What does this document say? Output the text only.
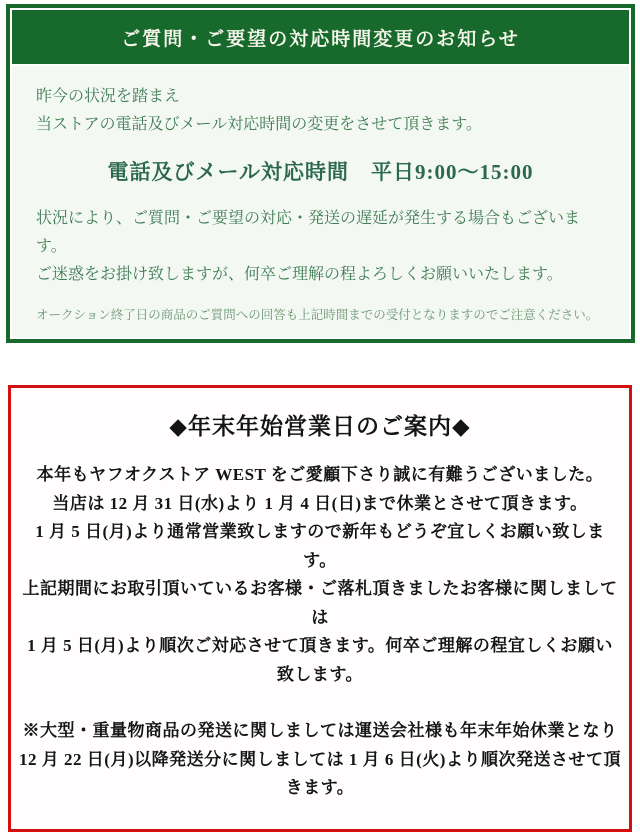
ご質問・ご要望の対応時間変更のお知らせ

昨今の状況を踏まえ

当ストアの電話及びメール対応時間の変更をさせて頂きます。

電話及びメール対応時間　平日9:00～15:00

状況により、ご質問・ご要望の対応・発送の遅延が発生する場合もございます。

ご迷惑をお掛け致しますが、何卒ご理解の程よろしくお願いいたします。

オークション終了日の商品のご質問への回答も上記時間までの受付となりますのでご注意ください。
◆年末年始営業日のご案内◆

本年もヤフオクストア WEST をご愛顧下さり誠に有難うございました。

当店は 12 月 31 日(水)より 1 月 4 日(日)まで休業とさせて頂きます。

1 月 5 日(月)より通常営業致しますので新年もどうぞ宜しくお願い致します。

上記期間にお取引頂いているお客様・ご落札頂きましたお客様に関しましては

1 月 5 日(月)より順次ご対応させて頂きます。何卒ご理解の程宜しくお願い致します。

※大型・重量物商品の発送に関しましては運送会社様も年末年始休業となり

12 月 22 日(月)以降発送分に関しましては 1 月 6 日(火)より順次発送させて頂きます。
